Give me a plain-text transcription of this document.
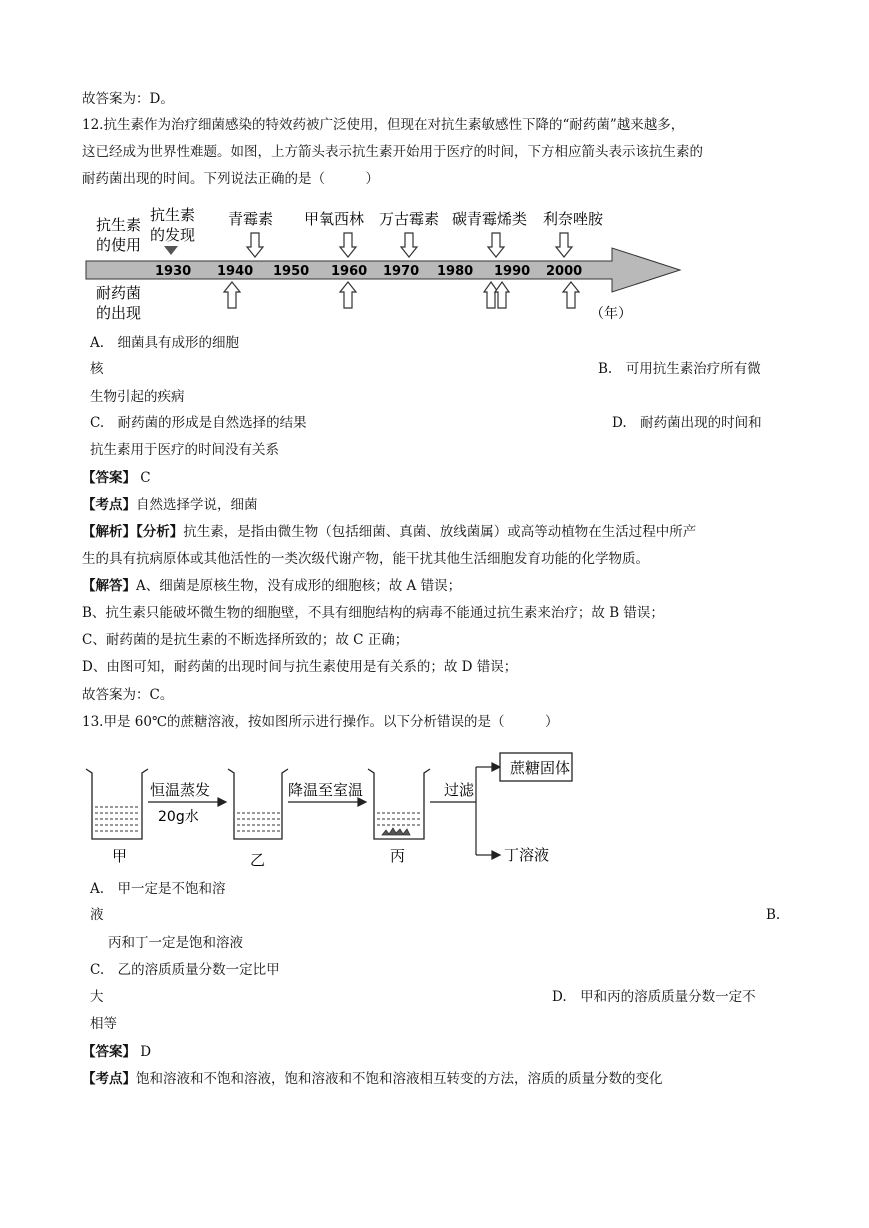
故答案为：D。
12.抗生素作为治疗细菌感染的特效药被广泛使用，但现在对抗生素敏感性下降的“耐药菌”越来越多，
这已经成为世界性难题。如图，上方箭头表示抗生素开始用于医疗的时间，下方相应箭头表示该抗生素的
耐药菌出现的时间。下列说法正确的是（　　　）
抗生素
的使用
耐药菌
的出现
抗生素
的发现
青霉素 甲氧西林 万古霉素 碳青霉烯类 利奈唑胺
1930 1940 1950 1960 1970 1980 1990 2000
（年）
A.　细菌具有成形的细胞
核	B.　可用抗生素治疗所有微
生物引起的疾病
C.　耐药菌的形成是自然选择的结果	D.　耐药菌出现的时间和
抗生素用于医疗的时间没有关系
【答案】 C
【考点】自然选择学说，细菌
【解析】【分析】抗生素，是指由微生物（包括细菌、真菌、放线菌属）或高等动植物在生活过程中所产
生的具有抗病原体或其他活性的一类次级代谢产物，能干扰其他生活细胞发育功能的化学物质。
【解答】A、细菌是原核生物，没有成形的细胞核；故 A 错误；
B、抗生素只能破坏微生物的细胞壁，不具有细胞结构的病毒不能通过抗生素来治疗；故 B 错误；
C、耐药菌的是抗生素的不断选择所致的；故 C 正确；
D、由图可知，耐药菌的出现时间与抗生素使用是有关系的；故 D 错误；
故答案为：C。
13.甲是 60℃的蔗糖溶液，按如图所示进行操作。以下分析错误的是（　　　）
蔗糖固体
恒温蒸发
20g水
降温至室温	过滤
丁溶液
甲	乙	丙
A.　甲一定是不饱和溶
液	B.
丙和丁一定是饱和溶液
C.　乙的溶质质量分数一定比甲
大	D.　甲和丙的溶质质量分数一定不
相等
【答案】 D
【考点】饱和溶液和不饱和溶液，饱和溶液和不饱和溶液相互转变的方法，溶质的质量分数的变化
